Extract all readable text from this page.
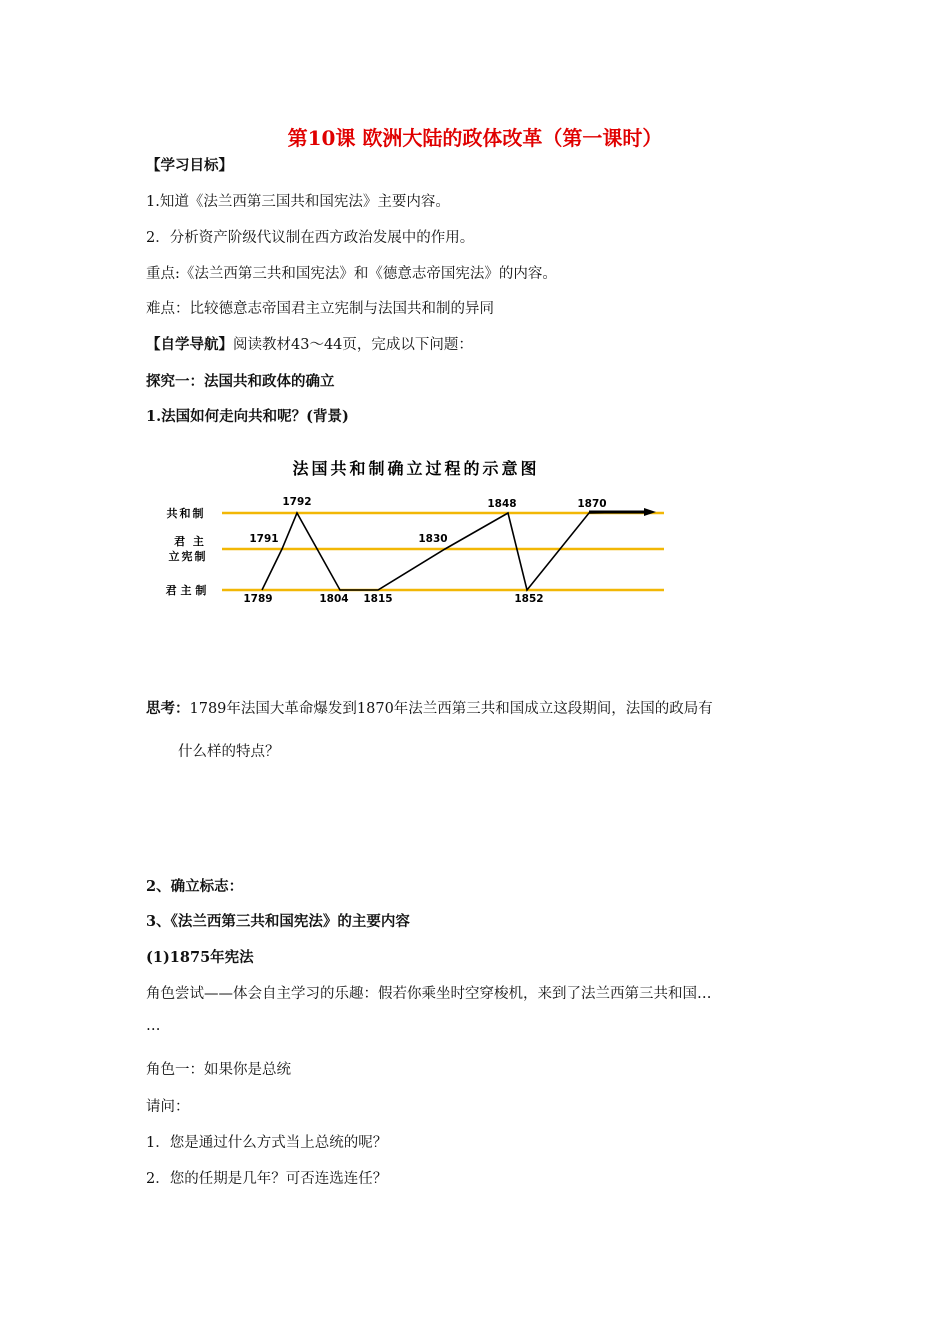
第10课 欧洲大陆的政体改革（第一课时）
【学习目标】
1.知道《法兰西第三国共和国宪法》主要内容。
2．分析资产阶级代议制在西方政治发展中的作用。
重点:《法兰西第三共和国宪法》和《德意志帝国宪法》的内容。
难点：比较德意志帝国君主立宪制与法国共和制的异同
【自学导航】阅读教材43～44页，完成以下问题：
探究一：法国共和政体的确立
1.法国如何走向共和呢？(背景)
法国共和制确立过程的示意图
共和制
君 主
立宪制
君 主 制
1789
1791
1792
1804 1815
1830
1848
1852
1870
思考：1789年法国大革命爆发到1870年法兰西第三共和国成立这段期间，法国的政局有
什么样的特点？
2、确立标志：
3、《法兰西第三共和国宪法》的主要内容
(1)1875年宪法
角色尝试——体会自主学习的乐趣：假若你乘坐时空穿梭机，来到了法兰西第三共和国…
…
角色一：如果你是总统
请问：
1．您是通过什么方式当上总统的呢？
2．您的任期是几年？可否连选连任？
